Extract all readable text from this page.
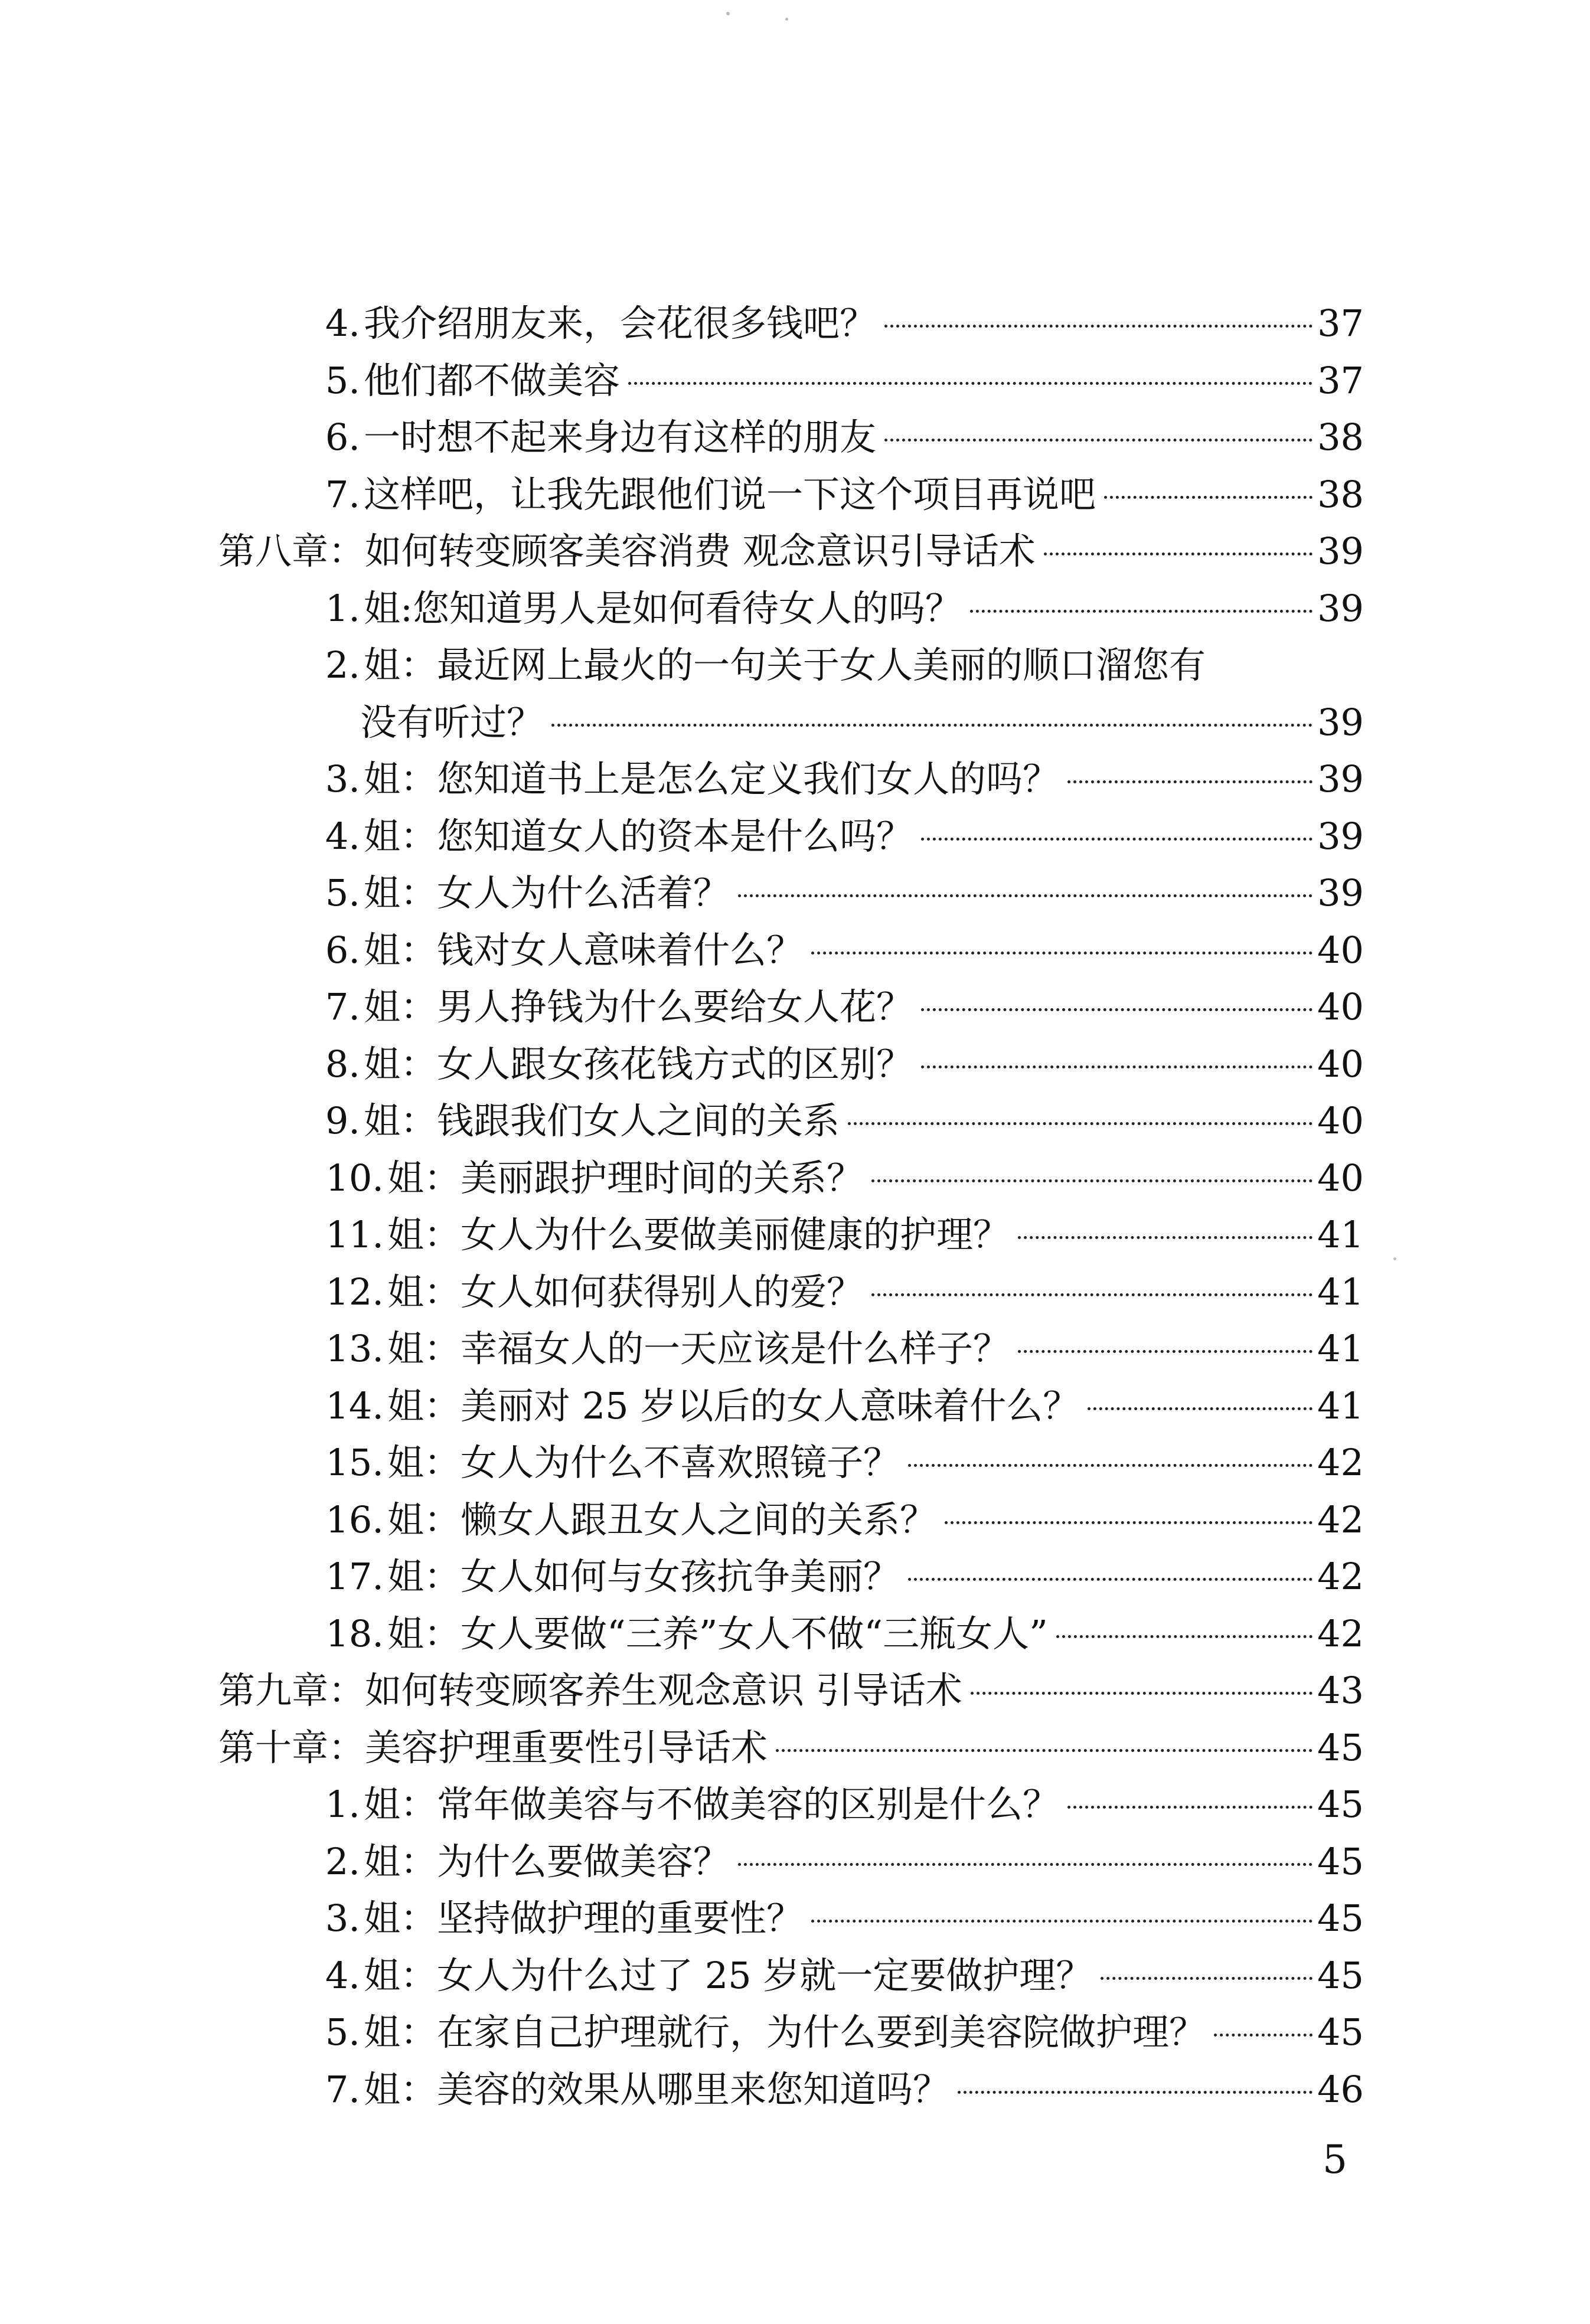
4. 我介绍朋友来，会花很多钱吧？	37
5. 他们都不做美容	37
6. 一时想不起来身边有这样的朋友	38
7. 这样吧，让我先跟他们说一下这个项目再说吧	38
第八章：如何转变顾客美容消费 观念意识引导话术	39
1. 姐:您知道男人是如何看待女人的吗？	39
2. 姐：最近网上最火的一句关于女人美丽的顺口溜您有
没有听过？	39
3. 姐：您知道书上是怎么定义我们女人的吗？	39
4. 姐：您知道女人的资本是什么吗？	39
5. 姐：女人为什么活着？	39
6. 姐：钱对女人意味着什么？	40
7. 姐：男人挣钱为什么要给女人花？	40
8. 姐：女人跟女孩花钱方式的区别？	40
9. 姐：钱跟我们女人之间的关系	40
10. 姐：美丽跟护理时间的关系？	40
11. 姐：女人为什么要做美丽健康的护理？	41
12. 姐：女人如何获得别人的爱？	41
13. 姐：幸福女人的一天应该是什么样子？	41
14. 姐：美丽对 25 岁以后的女人意味着什么？	41
15. 姐：女人为什么不喜欢照镜子？	42
16. 姐：懒女人跟丑女人之间的关系？	42
17. 姐：女人如何与女孩抗争美丽？	42
18. 姐：女人要做“三养”女人不做“三瓶女人”	42
第九章：如何转变顾客养生观念意识 引导话术	43
第十章：美容护理重要性引导话术	45
1. 姐：常年做美容与不做美容的区别是什么？	45
2. 姐：为什么要做美容？	45
3. 姐：坚持做护理的重要性？	45
4. 姐：女人为什么过了 25 岁就一定要做护理？	45
5. 姐：在家自己护理就行，为什么要到美容院做护理？	45
7. 姐：美容的效果从哪里来您知道吗？	46
5
